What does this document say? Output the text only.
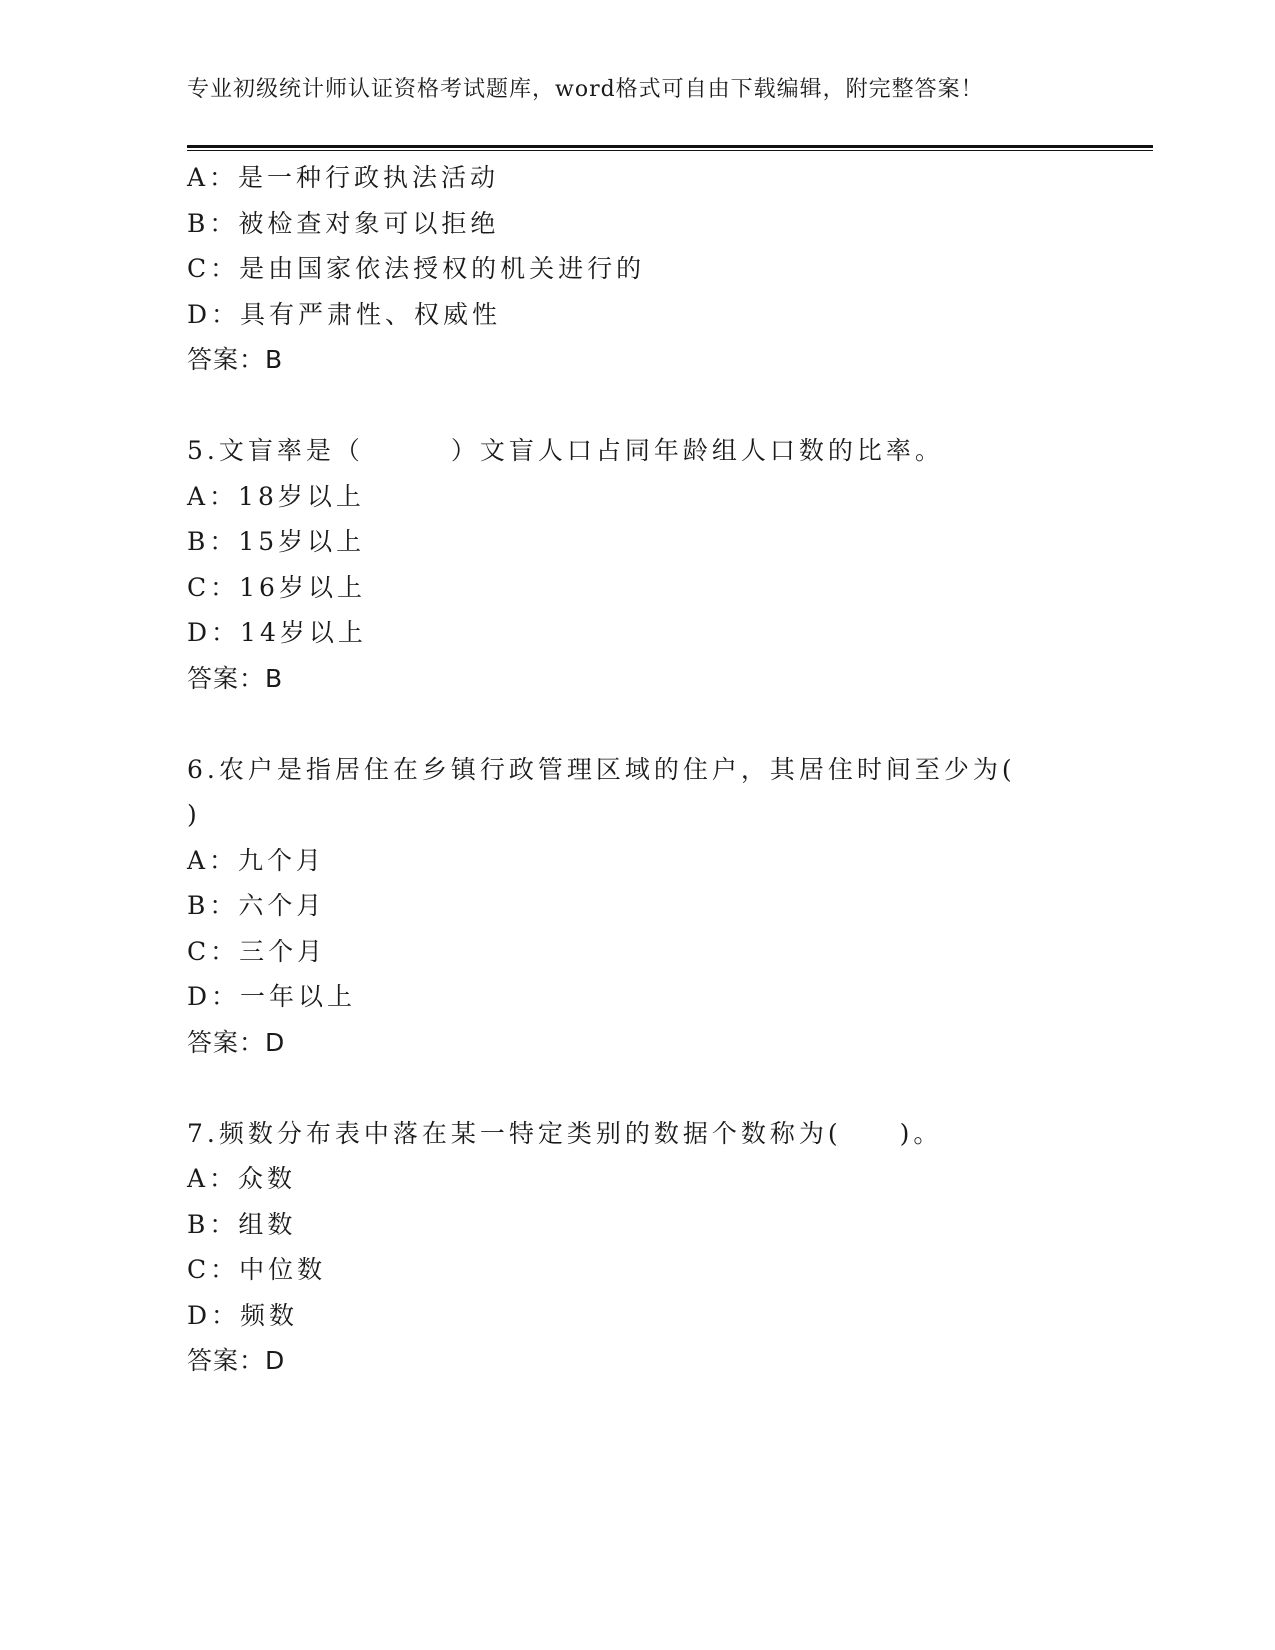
专业初级统计师认证资格考试题库，word格式可自由下载编辑，附完整答案！
A：是一种行政执法活动
B：被检查对象可以拒绝
C：是由国家依法授权的机关进行的
D：具有严肃性、权威性
答案：B
5.文盲率是（　　　）文盲人口占同年龄组人口数的比率。
A：18岁以上
B：15岁以上
C：16岁以上
D：14岁以上
答案：B
6.农户是指居住在乡镇行政管理区域的住户，其居住时间至少为(
)
A：九个月
B：六个月
C：三个月
D：一年以上
答案：D
7.频数分布表中落在某一特定类别的数据个数称为(　　)。
A：众数
B：组数
C：中位数
D：频数
答案：D
